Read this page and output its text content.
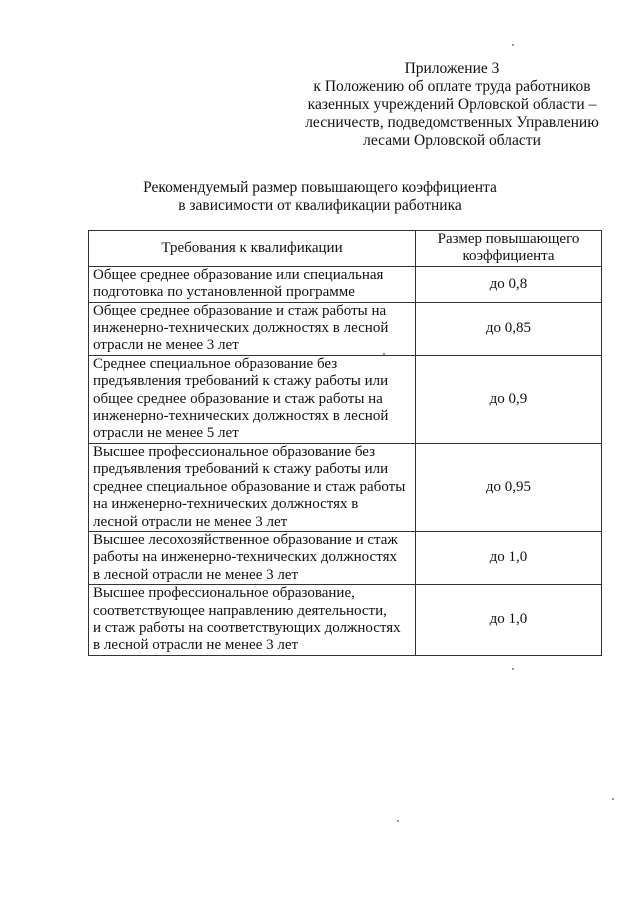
Приложение 3
к Положению об оплате труда работников
казенных учреждений Орловской области –
лесничеств, подведомственных Управлению
лесами Орловской области
Рекомендуемый размер повышающего коэффициента
в зависимости от квалификации работника
Требования к квалификации	Размер повышающего
коэффициента

Общее среднее образование или специальная
подготовка по установленной программе	до 0,8

Общее среднее образование и стаж работы на
инженерно-технических должностях в лесной
отрасли не менее 3 лет	до 0,85

Среднее специальное образование без
предъявления требований к стажу работы или
общее среднее образование и стаж работы на
инженерно-технических должностях в лесной
отрасли не менее 5 лет	до 0,9

Высшее профессиональное образование без
предъявления требований к стажу работы или
среднее специальное образование и стаж работы
на инженерно-технических должностях в
лесной отрасли не менее 3 лет	до 0,95

Высшее лесохозяйственное образование и стаж
работы на инженерно-технических должностях
в лесной отрасли не менее 3 лет	до 1,0

Высшее профессиональное образование,
соответствующее направлению деятельности,
и стаж работы на соответствующих должностях
в лесной отрасли не менее 3 лет	до 1,0
